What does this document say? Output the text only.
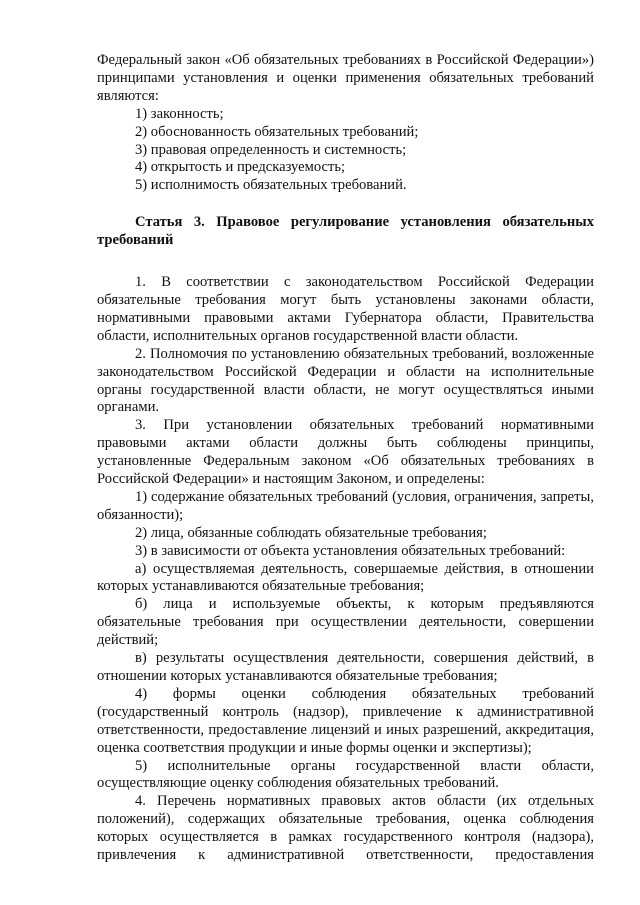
Федеральный закон «Об обязательных требованиях в Российской Федерации») принципами установления и оценки применения обязательных требований являются:

1) законность;

2) обоснованность обязательных требований;

3) правовая определенность и системность;

4) открытость и предсказуемость;

5) исполнимость обязательных требований.

Статья 3. Правовое регулирование установления обязательных требований

1. В соответствии с законодательством Российской Федерации обязательные требования могут быть установлены законами области, нормативными правовыми актами Губернатора области, Правительства области, исполнительных органов государственной власти области.

2. Полномочия по установлению обязательных требований, возложенные законодательством Российской Федерации и области на исполнительные органы государственной власти области, не могут осуществляться иными органами.

3. При установлении обязательных требований нормативными правовыми актами области должны быть соблюдены принципы, установленные Федеральным законом «Об обязательных требованиях в Российской Федерации» и настоящим Законом, и определены:

1) содержание обязательных требований (условия, ограничения, запреты, обязанности);

2) лица, обязанные соблюдать обязательные требования;

3) в зависимости от объекта установления обязательных требований:

а) осуществляемая деятельность, совершаемые действия, в отношении которых устанавливаются обязательные требования;

б) лица и используемые объекты, к которым предъявляются обязательные требования при осуществлении деятельности, совершении действий;

в) результаты осуществления деятельности, совершения действий, в отношении которых устанавливаются обязательные требования;

4) формы оценки соблюдения обязательных требований (государственный контроль (надзор), привлечение к административной ответственности, предоставление лицензий и иных разрешений, аккредитация, оценка соответствия продукции и иные формы оценки и экспертизы);

5) исполнительные органы государственной власти области, осуществляющие оценку соблюдения обязательных требований.

4. Перечень нормативных правовых актов области (их отдельных положений), содержащих обязательные требования, оценка соблюдения которых осуществляется в рамках государственного контроля (надзора), привлечения к административной ответственности, предоставления
